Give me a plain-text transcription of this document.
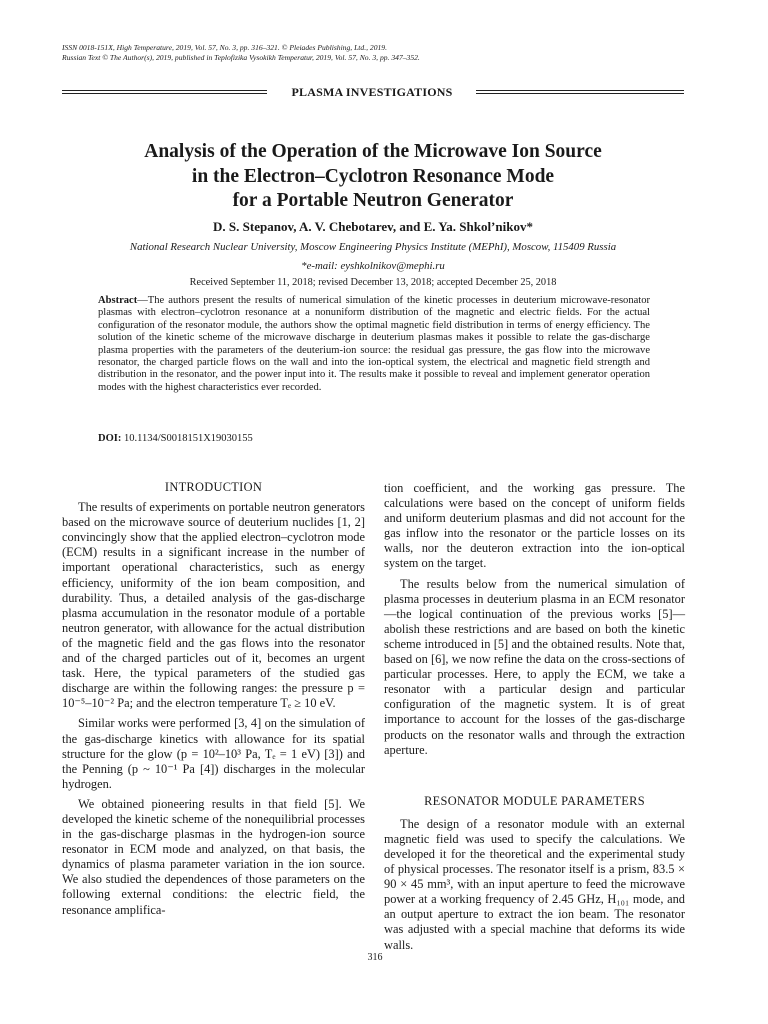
ISSN 0018-151X, High Temperature, 2019, Vol. 57, No. 3, pp. 316–321. © Pleiades Publishing, Ltd., 2019.
Russian Text © The Author(s), 2019, published in Teplofizika Vysokikh Temperatur, 2019, Vol. 57, No. 3, pp. 347–352.
PLASMA INVESTIGATIONS
Analysis of the Operation of the Microwave Ion Source
in the Electron–Cyclotron Resonance Mode
for a Portable Neutron Generator
D. S. Stepanov, A. V. Chebotarev, and E. Ya. Shkol’nikov*
National Research Nuclear University, Moscow Engineering Physics Institute (MEPhI), Moscow, 115409 Russia
*e-mail: eyshkolnikov@mephi.ru
Received September 11, 2018; revised December 13, 2018; accepted December 25, 2018
Abstract—The authors present the results of numerical simulation of the kinetic processes in deuterium microwave-resonator plasmas with electron–cyclotron resonance at a nonuniform distribution of the magnetic and electric fields. For the actual configuration of the resonator module, the authors show the optimal magnetic field distribution in terms of energy efficiency. The solution of the kinetic scheme of the microwave discharge in deuterium plasmas makes it possible to relate the gas-discharge plasma properties with the parameters of the deuterium-ion source: the residual gas pressure, the gas flow into the microwave resonator, the charged particle flows on the wall and into the ion-optical system, the electrical and magnetic field strength and distribution in the resonator, and the power input into it. The results make it possible to reveal and implement generator operation modes with the highest characteristics ever recorded.
DOI: 10.1134/S0018151X19030155
INTRODUCTION

The results of experiments on portable neutron generators based on the microwave source of deuterium nuclides [1, 2] convincingly show that the applied electron–cyclotron mode (ECM) results in a significant increase in the number of important operational characteristics, such as energy efficiency, uniformity of the ion beam composition, and durability. Thus, a detailed analysis of the gas-discharge plasma accumulation in the resonator module of a portable neutron generator, with allowance for the actual distribution of the magnetic field and the gas flows into the resonator and of the charged particles out of it, becomes an urgent task. Here, the typical parameters of the studied gas discharge are within the following ranges: the pressure p = 10⁻⁵–10⁻² Pa; and the electron temperature Tₑ ≥ 10 eV.

Similar works were performed [3, 4] on the simulation of the gas-discharge kinetics with allowance for its spatial structure for the glow (p = 10²–10³ Pa, Tₑ = 1 eV) [3]) and the Penning (p ~ 10⁻¹ Pa [4]) discharges in the molecular hydrogen.

We obtained pioneering results in that field [5]. We developed the kinetic scheme of the nonequilibrial processes in the gas-discharge plasmas in the hydrogen-ion source resonator in ECM mode and analyzed, on that basis, the dynamics of plasma parameter variation in the ion source. We also studied the dependences of those parameters on the following external conditions: the electric field, the resonance amplifica-

tion coefficient, and the working gas pressure. The calculations were based on the concept of uniform fields and uniform deuterium plasmas and did not account for the gas inflow into the resonator or the particle losses on its walls, nor the deuteron extraction into the ion-optical system on the target.

The results below from the numerical simulation of plasma processes in deuterium plasma in an ECM resonator—the logical continuation of the previous works [5]—abolish these restrictions and are based on both the kinetic scheme introduced in [5] and the obtained results. Note that, based on [6], we now refine the data on the cross-sections of particular processes. Here, to apply the ECM, we take a resonator with a particular design and particular configuration of the magnetic system. It is of great importance to account for the losses of the gas-discharge products on the resonator walls and through the extraction aperture.

RESONATOR MODULE PARAMETERS

The design of a resonator module with an external magnetic field was used to specify the calculations. We developed it for the theoretical and the experimental study of physical processes. The resonator itself is a prism, 83.5 × 90 × 45 mm³, with an input aperture to feed the microwave power at a working frequency of 2.45 GHz, H₁₀₁ mode, and an output aperture to extract the ion beam. The resonator was adjusted with a special machine that deforms its wide walls.

316
